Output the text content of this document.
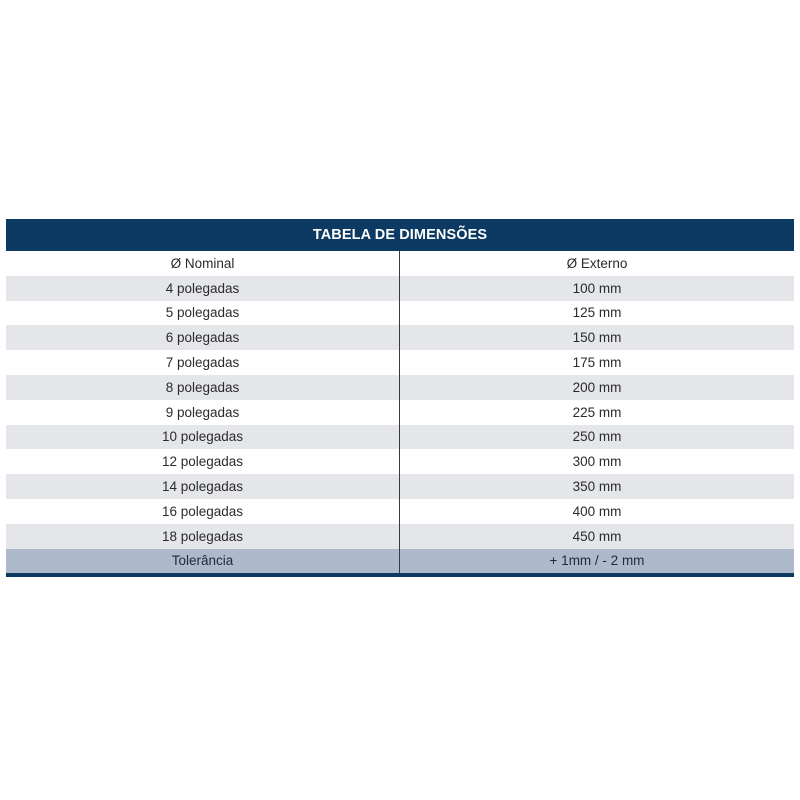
TABELA DE DIMENSÕES
Ø Nominal	Ø Externo
4 polegadas	100 mm
5 polegadas	125 mm
6 polegadas	150 mm
7 polegadas	175 mm
8 polegadas	200 mm
9 polegadas	225 mm
10 polegadas	250 mm
12 polegadas	300 mm
14 polegadas	350 mm
16 polegadas	400 mm
18 polegadas	450 mm
Tolerância	+ 1mm / - 2 mm
